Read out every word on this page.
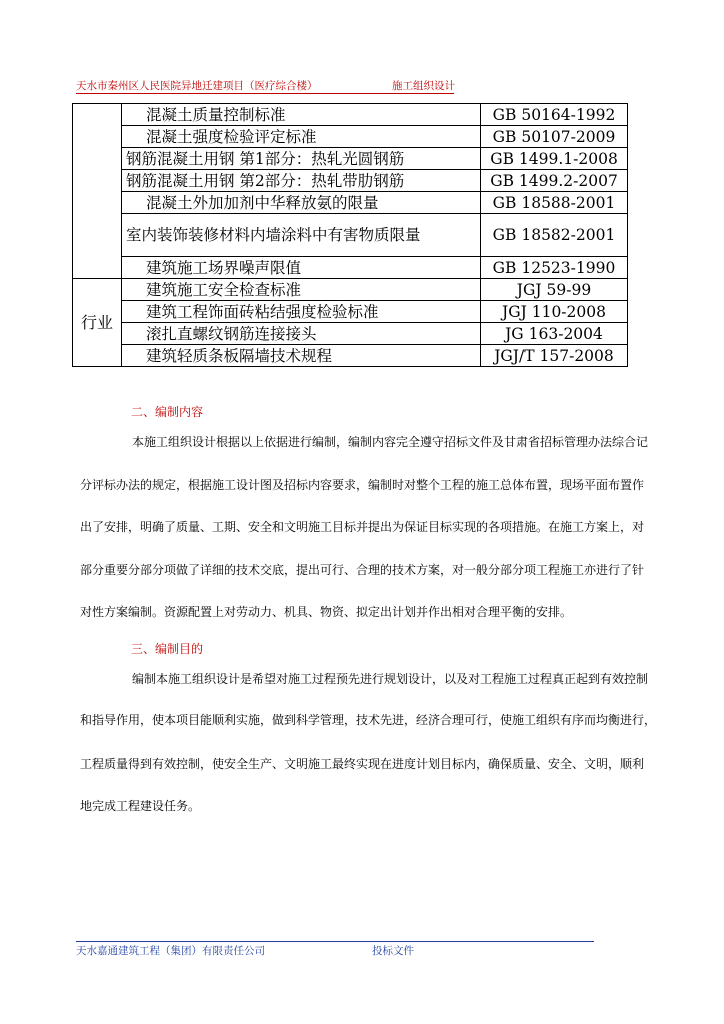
天水市秦州区人民医院异地迁建项目（医疗综合楼）	施工组织设计
	混凝土质量控制标准	GB 50164-1992
	混凝土强度检验评定标准	GB 50107-2009
	钢筋混凝土用钢 第1部分：热轧光圆钢筋	GB 1499.1-2008
	钢筋混凝土用钢 第2部分：热轧带肋钢筋	GB 1499.2-2007
	混凝土外加加剂中华释放氨的限量	GB 18588-2001
	室内装饰装修材料内墙涂料中有害物质限量	GB 18582-2001
	建筑施工场界噪声限值	GB 12523-1990
行业	建筑施工安全检查标准	JGJ 59-99
	建筑工程饰面砖粘结强度检验标准	JGJ 110-2008
	滚扎直螺纹钢筋连接接头	JG 163-2004
	建筑轻质条板隔墙技术规程	JGJ/T 157-2008
二、编制内容
本施工组织设计根据以上依据进行编制，编制内容完全遵守招标文件及甘肃省招标管理办法综合记
分评标办法的规定，根据施工设计图及招标内容要求，编制时对整个工程的施工总体布置，现场平面布置作
出了安排，明确了质量、工期、安全和文明施工目标并提出为保证目标实现的各项措施。在施工方案上，对
部分重要分部分项做了详细的技术交底，提出可行、合理的技术方案，对一般分部分项工程施工亦进行了针
对性方案编制。资源配置上对劳动力、机具、物资、拟定出计划并作出相对合理平衡的安排。
三、编制目的
编制本施工组织设计是希望对施工过程预先进行规划设计，以及对工程施工过程真正起到有效控制
和指导作用，使本项目能顺利实施，做到科学管理，技术先进，经济合理可行，使施工组织有序而均衡进行，
工程质量得到有效控制，使安全生产、文明施工最终实现在进度计划目标内，确保质量、安全、文明，顺利
地完成工程建设任务。
天水嘉通建筑工程（集团）有限责任公司	投标文件
